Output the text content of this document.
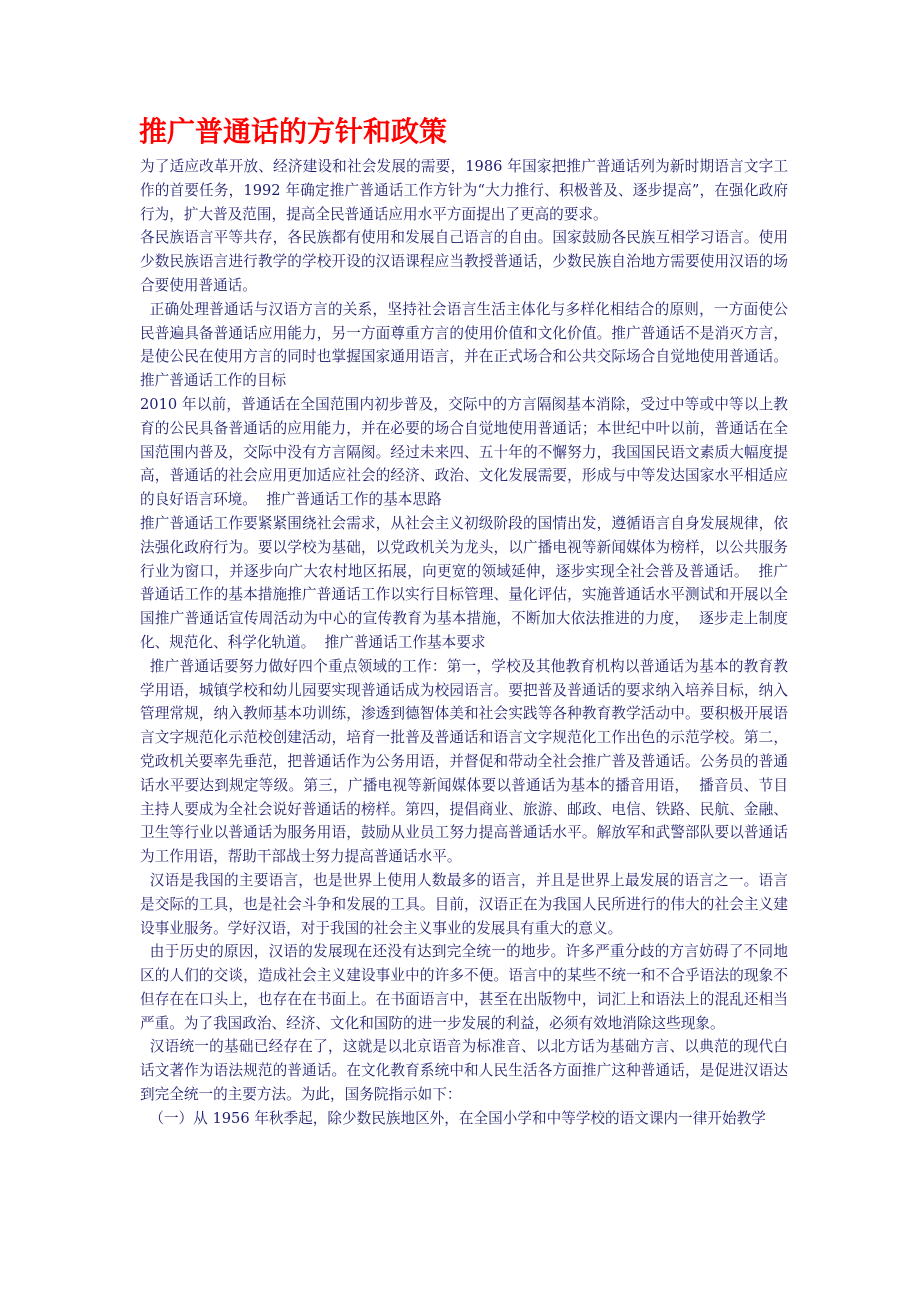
推广普通话的方针和政策

为了适应改革开放、经济建设和社会发展的需要，1986 年国家把推广普通话列为新时期语言文字工作的首要任务，1992 年确定推广普通话工作方针为“大力推行、积极普及、逐步提高”，在强化政府行为，扩大普及范围，提高全民普通话应用水平方面提出了更高的要求。

各民族语言平等共存，各民族都有使用和发展自己语言的自由。国家鼓励各民族互相学习语言。使用少数民族语言进行教学的学校开设的汉语课程应当教授普通话，少数民族自治地方需要使用汉语的场合要使用普通话。

正确处理普通话与汉语方言的关系，坚持社会语言生活主体化与多样化相结合的原则，一方面使公民普遍具备普通话应用能力，另一方面尊重方言的使用价值和文化价值。推广普通话不是消灭方言，是使公民在使用方言的同时也掌握国家通用语言，并在正式场合和公共交际场合自觉地使用普通话。  推广普通话工作的目标

2010 年以前，普通话在全国范围内初步普及，交际中的方言隔阂基本消除，受过中等或中等以上教育的公民具备普通话的应用能力，并在必要的场合自觉地使用普通话；本世纪中叶以前，普通话在全国范围内普及，交际中没有方言隔阂。经过未来四、五十年的不懈努力，我国国民语文素质大幅度提高，普通话的社会应用更加适应社会的经济、政治、文化发展需要，形成与中等发达国家水平相适应的良好语言环境。  推广普通话工作的基本思路

推广普通话工作要紧紧围绕社会需求，从社会主义初级阶段的国情出发，遵循语言自身发展规律，依法强化政府行为。要以学校为基础，以党政机关为龙头，以广播电视等新闻媒体为榜样，以公共服务行业为窗口，并逐步向广大农村地区拓展，向更宽的领域延伸，逐步实现全社会普及普通话。  推广普通话工作的基本措施推广普通话工作以实行目标管理、量化评估，实施普通话水平测试和开展以全国推广普通话宣传周活动为中心的宣传教育为基本措施，不断加大依法推进的力度，  逐步走上制度化、规范化、科学化轨道。  推广普通话工作基本要求

推广普通话要努力做好四个重点领域的工作：第一，学校及其他教育机构以普通话为基本的教育教学用语，城镇学校和幼儿园要实现普通话成为校园语言。要把普及普通话的要求纳入培养目标，纳入管理常规，纳入教师基本功训练，渗透到德智体美和社会实践等各种教育教学活动中。要积极开展语言文字规范化示范校创建活动，培育一批普及普通话和语言文字规范化工作出色的示范学校。第二，党政机关要率先垂范，把普通话作为公务用语，并督促和带动全社会推广普及普通话。公务员的普通话水平要达到规定等级。第三，广播电视等新闻媒体要以普通话为基本的播音用语，  播音员、节目主持人要成为全社会说好普通话的榜样。第四，提倡商业、旅游、邮政、电信、铁路、民航、金融、卫生等行业以普通话为服务用语，鼓励从业员工努力提高普通话水平。解放军和武警部队要以普通话为工作用语，帮助干部战士努力提高普通话水平。

汉语是我国的主要语言，也是世界上使用人数最多的语言，并且是世界上最发展的语言之一。语言是交际的工具，也是社会斗争和发展的工具。目前，汉语正在为我国人民所进行的伟大的社会主义建设事业服务。学好汉语，对于我国的社会主义事业的发展具有重大的意义。

由于历史的原因，汉语的发展现在还没有达到完全统一的地步。许多严重分歧的方言妨碍了不同地区的人们的交谈，造成社会主义建设事业中的许多不便。语言中的某些不统一和不合乎语法的现象不但存在在口头上，也存在在书面上。在书面语言中，甚至在出版物中，词汇上和语法上的混乱还相当严重。为了我国政治、经济、文化和国防的进一步发展的利益，必须有效地消除这些现象。

汉语统一的基础已经存在了，这就是以北京语音为标准音、以北方话为基础方言、以典范的现代白话文著作为语法规范的普通话。在文化教育系统中和人民生活各方面推广这种普通话，是促进汉语达到完全统一的主要方法。为此，国务院指示如下：

（一）从 1956 年秋季起，除少数民族地区外，在全国小学和中等学校的语文课内一律开始教学
